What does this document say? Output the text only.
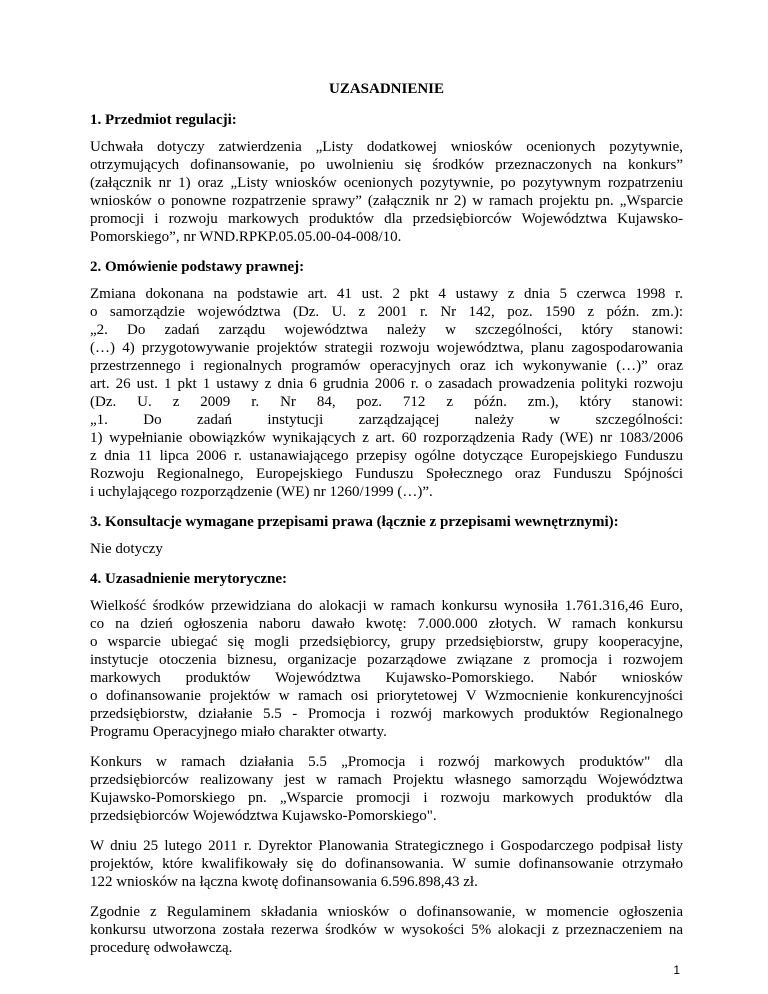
UZASADNIENIE
1. Przedmiot regulacji:
Uchwała dotyczy zatwierdzenia „Listy dodatkowej wniosków ocenionych pozytywnie,
otrzymujących dofinansowanie, po uwolnieniu się środków przeznaczonych na konkurs”
(załącznik nr 1) oraz „Listy wniosków ocenionych pozytywnie, po pozytywnym rozpatrzeniu
wniosków o ponowne rozpatrzenie sprawy” (załącznik nr 2) w ramach projektu pn. „Wsparcie
promocji i rozwoju markowych produktów dla przedsiębiorców Województwa Kujawsko-
Pomorskiego”, nr WND.RPKP.05.05.00-04-008/10.
2. Omówienie podstawy prawnej:
Zmiana dokonana na podstawie art. 41 ust. 2 pkt 4 ustawy z dnia 5 czerwca 1998 r.
o samorządzie województwa (Dz. U. z 2001 r. Nr 142, poz. 1590 z późn. zm.):
„2. Do zadań zarządu województwa należy w szczególności, który stanowi:
(…) 4) przygotowywanie projektów strategii rozwoju województwa, planu zagospodarowania
przestrzennego i regionalnych programów operacyjnych oraz ich wykonywanie (…)” oraz
art. 26 ust. 1 pkt 1 ustawy z dnia 6 grudnia 2006 r. o zasadach prowadzenia polityki rozwoju
(Dz. U. z 2009 r. Nr 84, poz. 712 z późn. zm.), który stanowi:
„1. Do zadań instytucji zarządzającej należy w szczególności:
1) wypełnianie obowiązków wynikających z art. 60 rozporządzenia Rady (WE) nr 1083/2006
z dnia 11 lipca 2006 r. ustanawiającego przepisy ogólne dotyczące Europejskiego Funduszu
Rozwoju Regionalnego, Europejskiego Funduszu Społecznego oraz Funduszu Spójności
i uchylającego rozporządzenie (WE) nr 1260/1999 (…)”.
3. Konsultacje wymagane przepisami prawa (łącznie z przepisami wewnętrznymi):
Nie dotyczy
4. Uzasadnienie merytoryczne:
Wielkość środków przewidziana do alokacji w ramach konkursu wynosiła 1.761.316,46 Euro,
co na dzień ogłoszenia naboru dawało kwotę: 7.000.000 złotych. W ramach konkursu
o wsparcie ubiegać się mogli przedsiębiorcy, grupy przedsiębiorstw, grupy kooperacyjne,
instytucje otoczenia biznesu, organizacje pozarządowe związane z promocja i rozwojem
markowych produktów Województwa Kujawsko-Pomorskiego. Nabór wniosków
o dofinansowanie projektów w ramach osi priorytetowej V Wzmocnienie konkurencyjności
przedsiębiorstw, działanie 5.5 - Promocja i rozwój markowych produktów Regionalnego
Programu Operacyjnego miało charakter otwarty.
Konkurs w ramach działania 5.5 „Promocja i rozwój markowych produktów" dla
przedsiębiorców realizowany jest w ramach Projektu własnego samorządu Województwa
Kujawsko-Pomorskiego pn. „Wsparcie promocji i rozwoju markowych produktów dla
przedsiębiorców Województwa Kujawsko-Pomorskiego".
W dniu 25 lutego 2011 r. Dyrektor Planowania Strategicznego i Gospodarczego podpisał listy
projektów, które kwalifikowały się do dofinansowania. W sumie dofinansowanie otrzymało
122 wniosków na łączna kwotę dofinansowania 6.596.898,43 zł.
Zgodnie z Regulaminem składania wniosków o dofinansowanie, w momencie ogłoszenia
konkursu utworzona została rezerwa środków w wysokości 5% alokacji z przeznaczeniem na
procedurę odwoławczą.
1
